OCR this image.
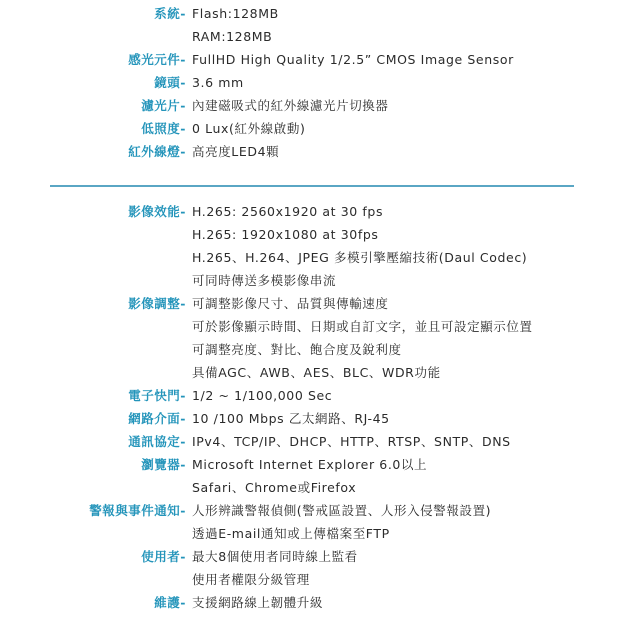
系統- Flash:128MB
RAM:128MB
感光元件- FullHD High Quality 1/2.5” CMOS Image Sensor
鏡頭- 3.6 mm
濾光片- 內建磁吸式的紅外線濾光片切換器
低照度- 0 Lux(紅外線啟動)
紅外線燈- 高亮度LED4顆
影像效能- H.265: 2560x1920 at 30 fps
H.265: 1920x1080 at 30fps
H.265、H.264、JPEG 多模引擎壓縮技術(Daul Codec)
可同時傳送多模影像串流
影像調整- 可調整影像尺寸、品質與傳輸速度
可於影像顯示時間、日期或自訂文字，並且可設定顯示位置
可調整亮度、對比、飽合度及銳利度
具備AGC、AWB、AES、BLC、WDR功能
電子快門- 1/2 ~ 1/100,000 Sec
網路介面- 10 /100 Mbps 乙太網路、RJ-45
通訊協定- IPv4、TCP/IP、DHCP、HTTP、RTSP、SNTP、DNS
瀏覽器- Microsoft Internet Explorer 6.0以上
Safari、Chrome或Firefox
警報與事件通知- 人形辨識警報偵側(警戒區設置、人形入侵警報設置)
透過E-mail通知或上傳檔案至FTP
使用者- 最大8個使用者同時線上監看
使用者權限分級管理
維護- 支援網路線上韌體升級
